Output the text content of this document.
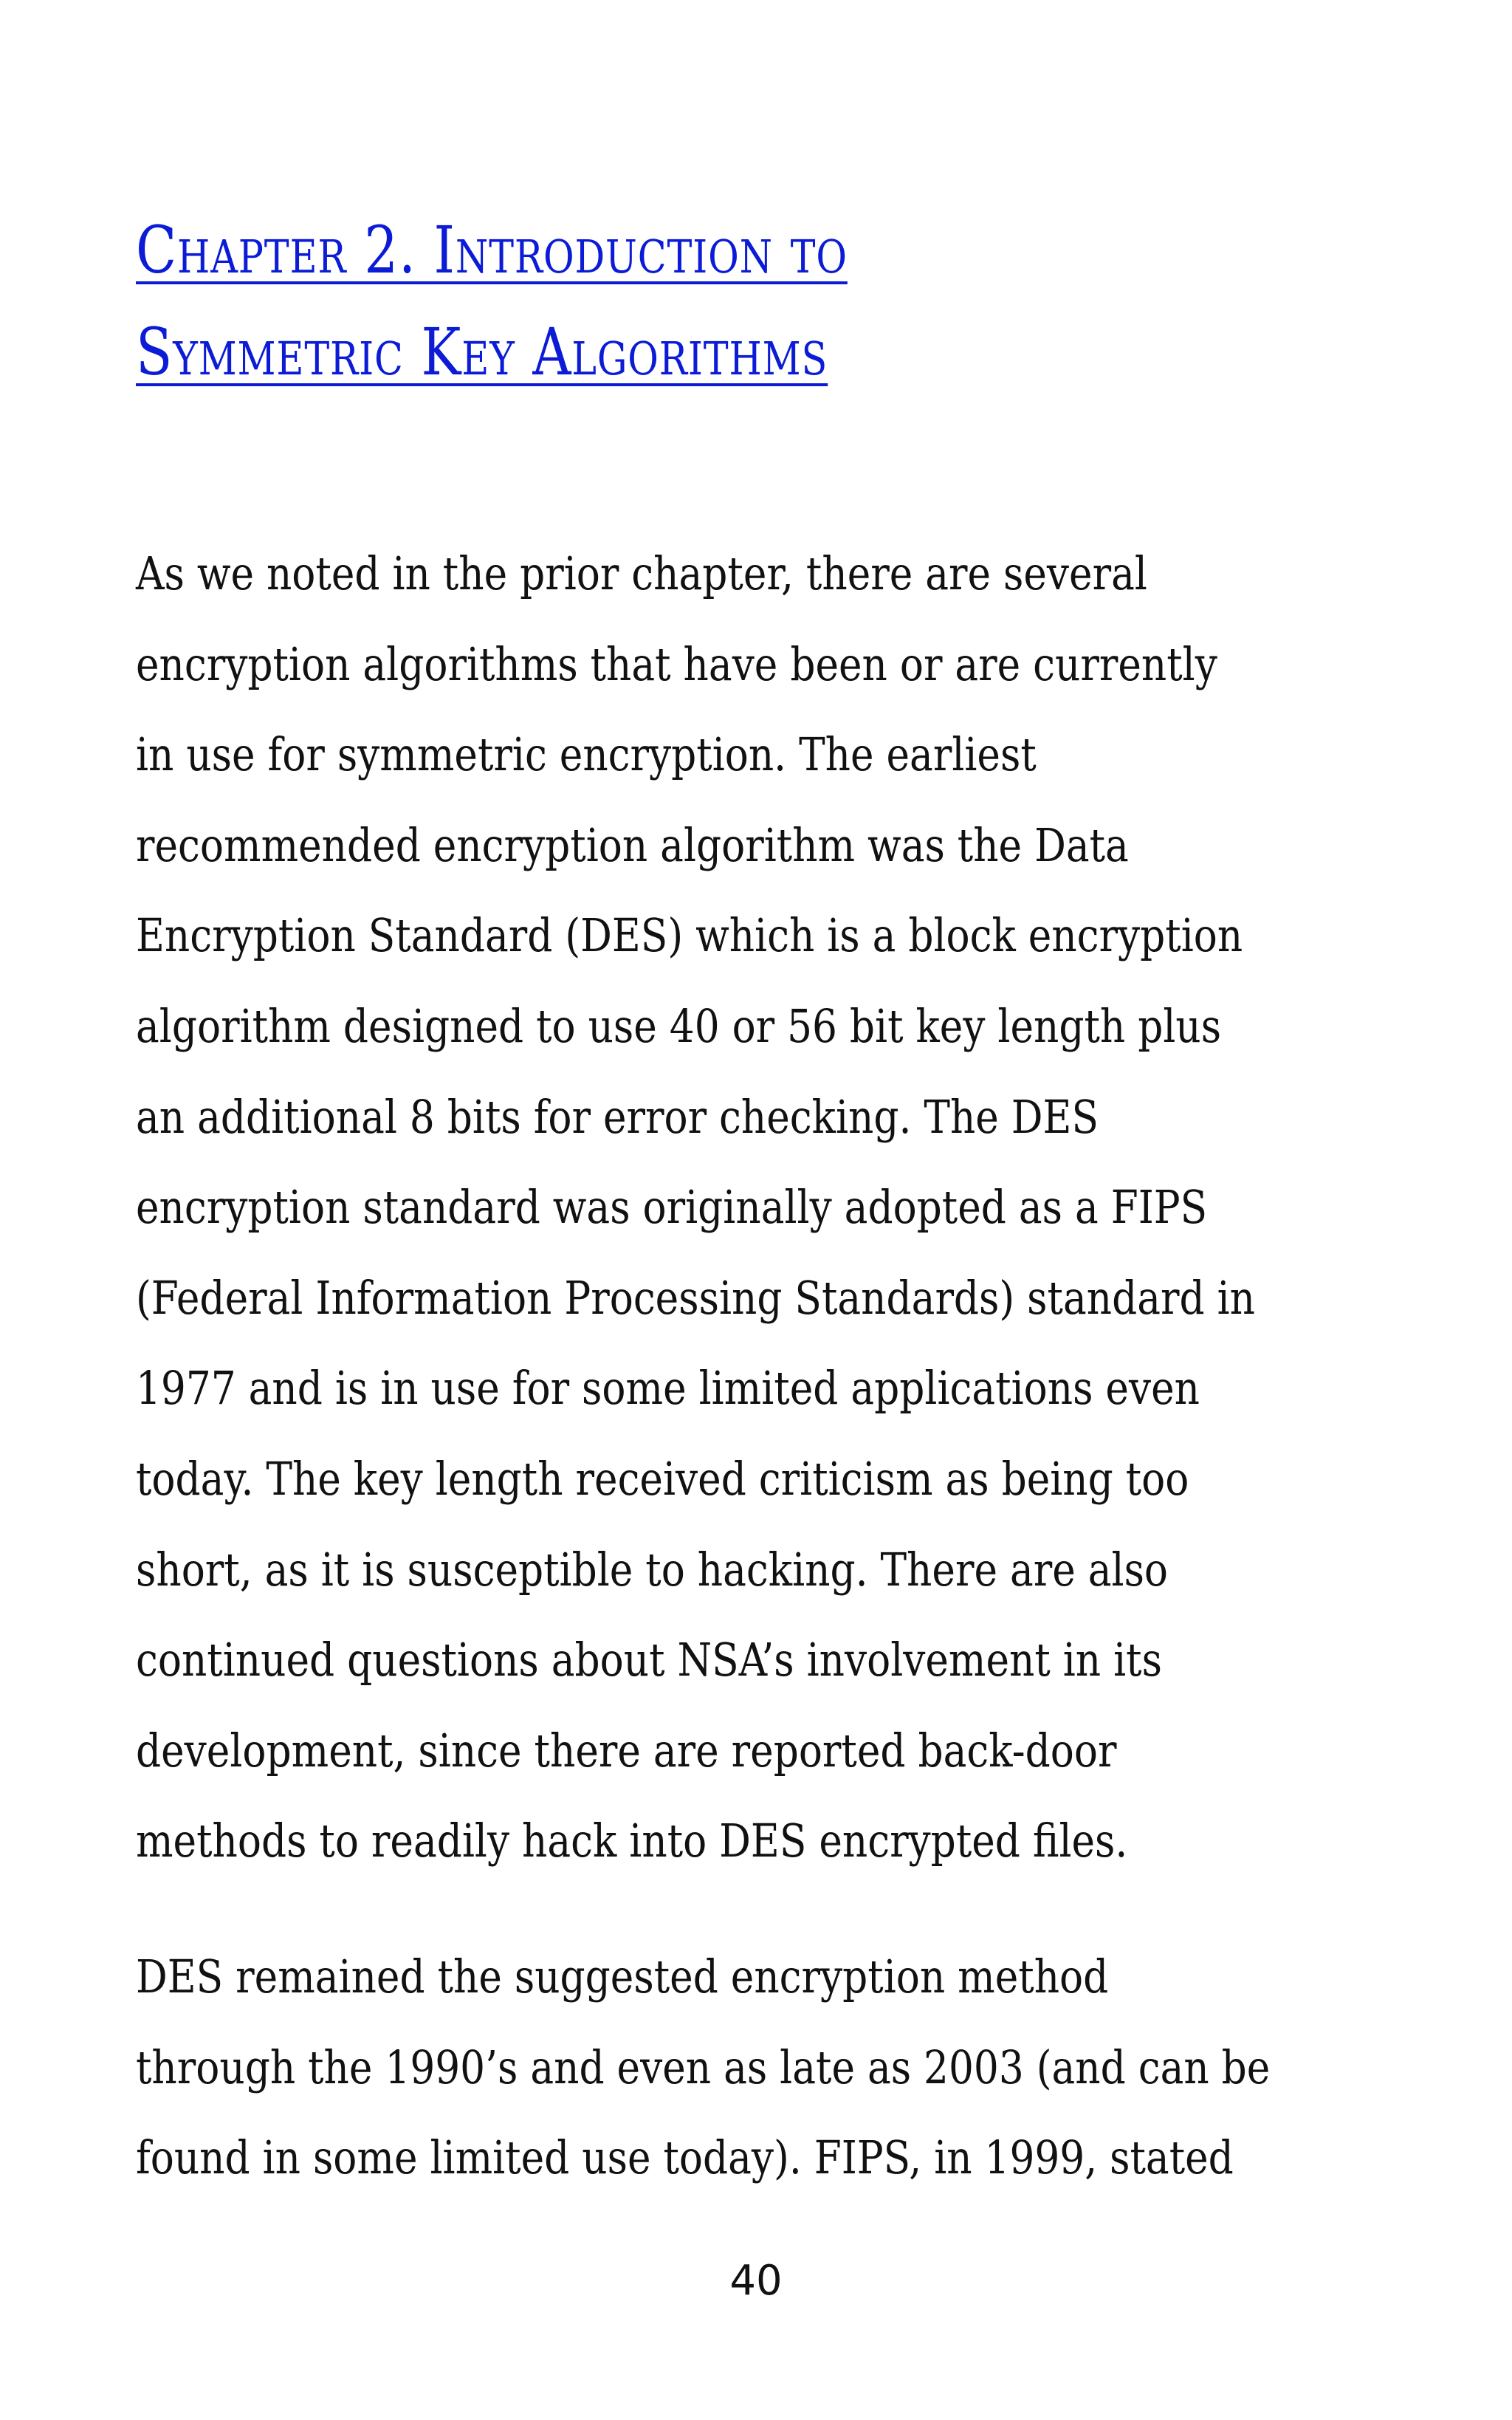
Chapter 2. Introduction to
Symmetric Key Algorithms

As we noted in the prior chapter, there are several
encryption algorithms that have been or are currently
in use for symmetric encryption. The earliest
recommended encryption algorithm was the Data
Encryption Standard (DES) which is a block encryption
algorithm designed to use 40 or 56 bit key length plus
an additional 8 bits for error checking. The DES
encryption standard was originally adopted as a FIPS
(Federal Information Processing Standards) standard in
1977 and is in use for some limited applications even
today. The key length received criticism as being too
short, as it is susceptible to hacking. There are also
continued questions about NSA’s involvement in its
development, since there are reported back-door
methods to readily hack into DES encrypted files.

DES remained the suggested encryption method
through the 1990’s and even as late as 2003 (and can be
found in some limited use today). FIPS, in 1999, stated

40
